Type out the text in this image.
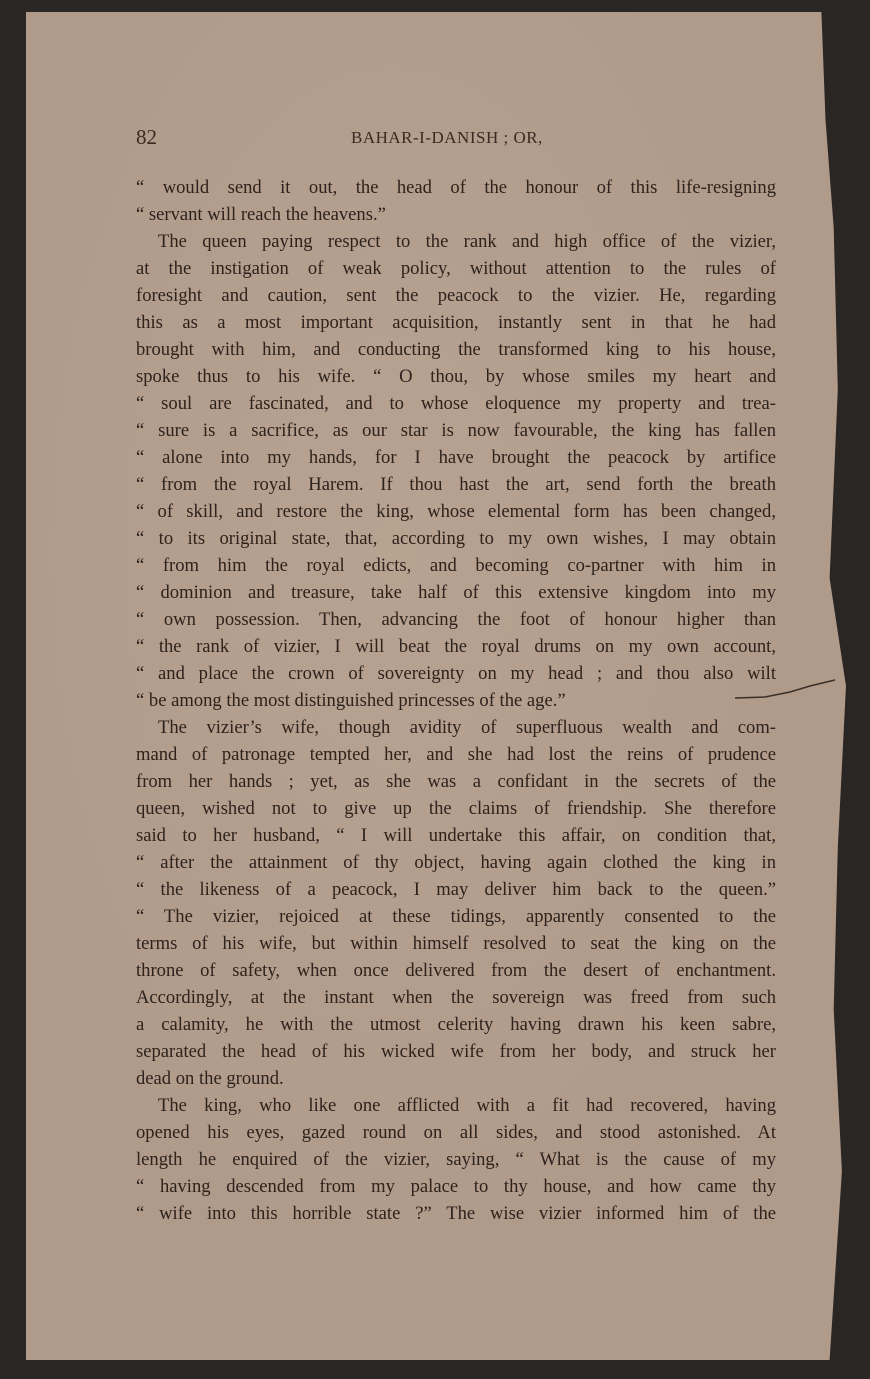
82	BAHAR-I-DANISH ; OR,
“ would send it out, the head of the honour of this life-resigning
“ servant will reach the heavens.”
The queen paying respect to the rank and high office of the vizier,
at the instigation of weak policy, without attention to the rules of
foresight and caution, sent the peacock to the vizier. He, regarding
this as a most important acquisition, instantly sent in that he had
brought with him, and conducting the transformed king to his house,
spoke thus to his wife. “ O thou, by whose smiles my heart and
“ soul are fascinated, and to whose eloquence my property and trea-
“ sure is a sacrifice, as our star is now favourable, the king has fallen
“ alone into my hands, for I have brought the peacock by artifice
“ from the royal Harem. If thou hast the art, send forth the breath
“ of skill, and restore the king, whose elemental form has been changed,
“ to its original state, that, according to my own wishes, I may obtain
“ from him the royal edicts, and becoming co-partner with him in
“ dominion and treasure, take half of this extensive kingdom into my
“ own possession. Then, advancing the foot of honour higher than
“ the rank of vizier, I will beat the royal drums on my own account,
“ and place the crown of sovereignty on my head ; and thou also wilt
“ be among the most distinguished princesses of the age.”
The vizier’s wife, though avidity of superfluous wealth and com-
mand of patronage tempted her, and she had lost the reins of prudence
from her hands ; yet, as she was a confidant in the secrets of the
queen, wished not to give up the claims of friendship. She therefore
said to her husband, “ I will undertake this affair, on condition that,
“ after the attainment of thy object, having again clothed the king in
“ the likeness of a peacock, I may deliver him back to the queen.”
“ The vizier, rejoiced at these tidings, apparently consented to the
terms of his wife, but within himself resolved to seat the king on the
throne of safety, when once delivered from the desert of enchantment.
Accordingly, at the instant when the sovereign was freed from such
a calamity, he with the utmost celerity having drawn his keen sabre,
separated the head of his wicked wife from her body, and struck her
dead on the ground.
The king, who like one afflicted with a fit had recovered, having
opened his eyes, gazed round on all sides, and stood astonished. At
length he enquired of the vizier, saying, “ What is the cause of my
“ having descended from my palace to thy house, and how came thy
“ wife into this horrible state ?” The wise vizier informed him of the
